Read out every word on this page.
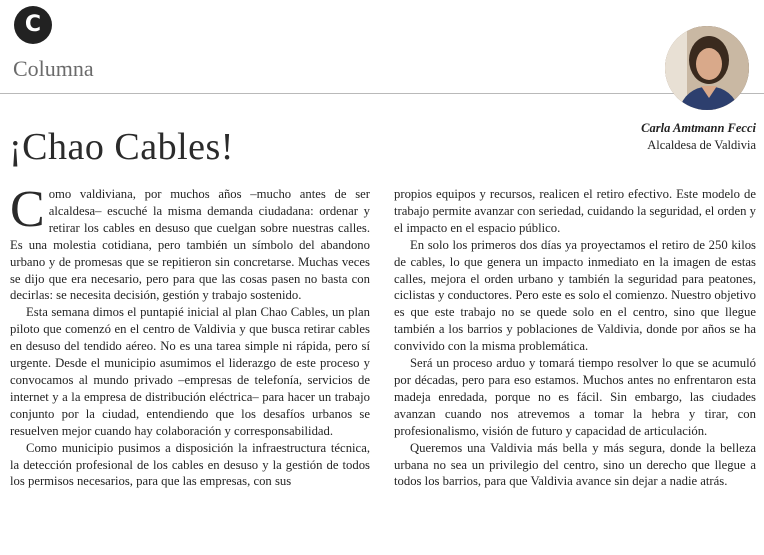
C
Columna
¡Chao Cables!	Carla Amtmann Fecci
Alcaldesa de Valdivia

Como valdiviana, por muchos años –mucho antes de ser alcaldesa– escuché la misma demanda ciudadana: ordenar y retirar los cables en desuso que cuelgan sobre nuestras calles. Es una molestia cotidiana, pero también un símbolo del abandono urbano y de promesas que se repitieron sin concretarse. Muchas veces se dijo que era necesario, pero para que las cosas pasen no basta con decirlas: se necesita decisión, gestión y trabajo sostenido.

Esta semana dimos el puntapié inicial al plan Chao Cables, un plan piloto que comenzó en el centro de Valdivia y que busca retirar cables en desuso del tendido aéreo. No es una tarea simple ni rápida, pero sí urgente. Desde el municipio asumimos el liderazgo de este proceso y convocamos al mundo privado –empresas de telefonía, servicios de internet y a la empresa de distribución eléctrica– para hacer un trabajo conjunto por la ciudad, entendiendo que los desafíos urbanos se resuelven mejor cuando hay colaboración y corresponsabilidad.

Como municipio pusimos a disposición la infraestructura técnica, la detección profesional de los cables en desuso y la gestión de todos los permisos necesarios, para que las empresas, con sus

propios equipos y recursos, realicen el retiro efectivo. Este modelo de trabajo permite avanzar con seriedad, cuidando la seguridad, el orden y el impacto en el espacio público.

En solo los primeros dos días ya proyectamos el retiro de 250 kilos de cables, lo que genera un impacto inmediato en la imagen de estas calles, mejora el orden urbano y también la seguridad para peatones, ciclistas y conductores. Pero este es solo el comienzo. Nuestro objetivo es que este trabajo no se quede solo en el centro, sino que llegue también a los barrios y poblaciones de Valdivia, donde por años se ha convivido con la misma problemática.

Será un proceso arduo y tomará tiempo resolver lo que se acumuló por décadas, pero para eso estamos. Muchos antes no enfrentaron esta madeja enredada, porque no es fácil. Sin embargo, las ciudades avanzan cuando nos atrevemos a tomar la hebra y tirar, con profesionalismo, visión de futuro y capacidad de articulación.

Queremos una Valdivia más bella y más segura, donde la belleza urbana no sea un privilegio del centro, sino un derecho que llegue a todos los barrios, para que Valdivia avance sin dejar a nadie atrás.
